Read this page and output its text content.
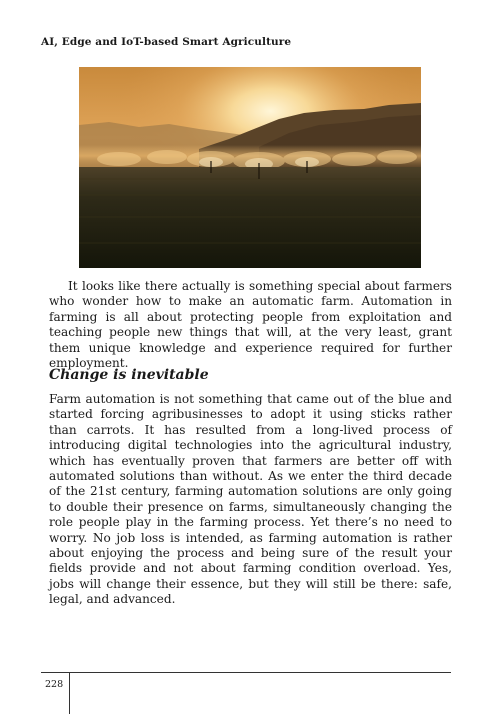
AI, Edge and IoT-based Smart Agriculture

It looks like there actually is something special about farmers who wonder how to make an automatic farm. Automation in farming is all about protecting people from exploitation and teaching people new things that will, at the very least, grant them unique knowledge and experience required for further employment.

Change is inevitable

Farm automation is not something that came out of the blue and started forcing agribusinesses to adopt it using sticks rather than carrots. It has resulted from a long-lived process of introducing digital technologies into the agricultural industry, which has eventually proven that farmers are better off with automated solutions than without. As we enter the third decade of the 21st century, farming automation solutions are only going to double their presence on farms, simultaneously changing the role people play in the farming process. Yet there’s no need to worry. No job loss is intended, as farming automation is rather about enjoying the process and being sure of the result your fields provide and not about farming condition overload. Yes, jobs will change their essence, but they will still be there: safe, legal, and advanced.

228
